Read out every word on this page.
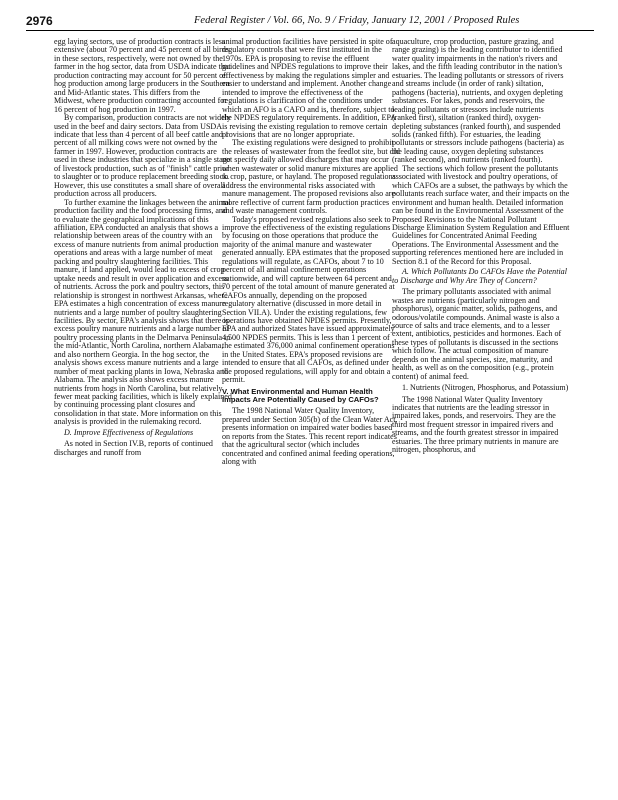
2976	Federal Register / Vol. 66, No. 9 / Friday, January 12, 2001 / Proposed Rules

egg laying sectors, use of production contracts is less extensive (about 70 percent and 45 percent of all birds in these sectors, respectively, were not owned by the farmer in the hog sector, data from USDA indicate that production contracting may account for 50 percent of hog production among large producers in the Southern and Mid-Atlantic states. This differs from the Midwest, where production contracting accounted for 16 percent of hog production in 1997.

By comparison, production contracts are not widely used in the beef and dairy sectors. Data from USDA indicate that less than 4 percent of all beef cattle and 1 percent of all milking cows were not owned by the farmer in 1997. However, production contracts are used in these industries that specialize in a single stage of livestock production, such as of "finish" cattle prior to slaughter or to produce replacement breeding stock. However, this use constitutes a small share of overall production across all producers.

To further examine the linkages between the animal production facility and the food processing firms, and to evaluate the geographical implications of this affiliation, EPA conducted an analysis that shows a relationship between areas of the country with an excess of manure nutrients from animal production operations and areas with a large number of meat packing and poultry slaughtering facilities. This manure, if land applied, would lead to excess of crop uptake needs and result in over application and excess of nutrients. Across the pork and poultry sectors, this relationship is strongest in northwest Arkansas, where EPA estimates a high concentration of excess manure nutrients and a large number of poultry slaughtering facilities. By sector, EPA's analysis shows that there is excess poultry manure nutrients and a large number of poultry processing plants in the Delmarva Peninsula in the mid-Atlantic, North Carolina, northern Alabama, and also northern Georgia. In the hog sector, the analysis shows excess manure nutrients and a large number of meat packing plants in Iowa, Nebraska and Alabama. The analysis also shows excess manure nutrients from hogs in North Carolina, but relatively fewer meat packing facilities, which is likely explained by continuing processing plant closures and consolidation in that state. More information on this analysis is provided in the rulemaking record.

D. Improve Effectiveness of Regulations

As noted in Section IV.B, reports of continued discharges and runoff from

animal production facilities have persisted in spite of regulatory controls that were first instituted in the 1970s. EPA is proposing to revise the effluent guidelines and NPDES regulations to improve their effectiveness by making the regulations simpler and easier to understand and implement. Another change intended to improve the effectiveness of the regulations is clarification of the conditions under which an AFO is a CAFO and is, therefore, subject to the NPDES regulatory requirements. In addition, EPA is revising the existing regulation to remove certain provisions that are no longer appropriate.

The existing regulations were designed to prohibit the releases of wastewater from the feedlot site, but did not specify daily allowed discharges that may occur when wastewater or solid manure mixtures are applied to crop, pasture, or hayland. The proposed regulations address the environmental risks associated with manure management. The proposed revisions also are more reflective of current farm production practices and waste management controls.

Today's proposed revised regulations also seek to improve the effectiveness of the existing regulations by focusing on those operations that produce the majority of the animal manure and wastewater generated annually. EPA estimates that the proposed regulations will regulate, as CAFOs, about 7 to 10 percent of all animal confinement operations nationwide, and will capture between 64 percent and 70 percent of the total amount of manure generated at CAFOs annually, depending on the proposed regulatory alternative (discussed in more detail in Section VII.A). Under the existing regulations, few operations have obtained NPDES permits. Presently, EPA and authorized States have issued approximately 4,500 NPDES permits. This is less than 1 percent of the estimated 376,000 animal confinement operations in the United States. EPA's proposed revisions are intended to ensure that all CAFOs, as defined under the proposed regulations, will apply for and obtain a permit.

V. What Environmental and Human Health Impacts Are Potentially Caused by CAFOs?

The 1998 National Water Quality Inventory, prepared under Section 305(b) of the Clean Water Act, presents information on impaired water bodies based on reports from the States. This recent report indicates that the agricultural sector (which includes concentrated and confined animal feeding operations, along with

aquaculture, crop production, pasture grazing, and range grazing) is the leading contributor to identified water quality impairments in the nation's rivers and lakes, and the fifth leading contributor in the nation's estuaries. The leading pollutants or stressors of rivers and streams include (in order of rank) siltation, pathogens (bacteria), nutrients, and oxygen depleting substances. For lakes, ponds and reservoirs, the leading pollutants or stressors include nutrients (ranked first), siltation (ranked third), oxygen-depleting substances (ranked fourth), and suspended solids (ranked fifth). For estuaries, the leading pollutants or stressors include pathogens (bacteria) as the leading cause, oxygen depleting substances (ranked second), and nutrients (ranked fourth).

The sections which follow present the pollutants associated with livestock and poultry operations, of which CAFOs are a subset, the pathways by which the pollutants reach surface water, and their impacts on the environment and human health. Detailed information can be found in the Environmental Assessment of the Proposed Revisions to the National Pollutant Discharge Elimination System Regulation and Effluent Guidelines for Concentrated Animal Feeding Operations. The Environmental Assessment and the supporting references mentioned here are included in Section 8.1 of the Record for this Proposal.

A. Which Pollutants Do CAFOs Have the Potential to Discharge and Why Are They of Concern?

The primary pollutants associated with animal wastes are nutrients (particularly nitrogen and phosphorus), organic matter, solids, pathogens, and odorous/volatile compounds. Animal waste is also a source of salts and trace elements, and to a lesser extent, antibiotics, pesticides and hormones. Each of these types of pollutants is discussed in the sections which follow. The actual composition of manure depends on the animal species, size, maturity, and health, as well as on the composition (e.g., protein content) of animal feed.

1. Nutrients (Nitrogen, Phosphorus, and Potassium)

The 1998 National Water Quality Inventory indicates that nutrients are the leading stressor in impaired lakes, ponds, and reservoirs. They are the third most frequent stressor in impaired rivers and streams, and the fourth greatest stressor in impaired estuaries. The three primary nutrients in manure are nitrogen, phosphorus, and
